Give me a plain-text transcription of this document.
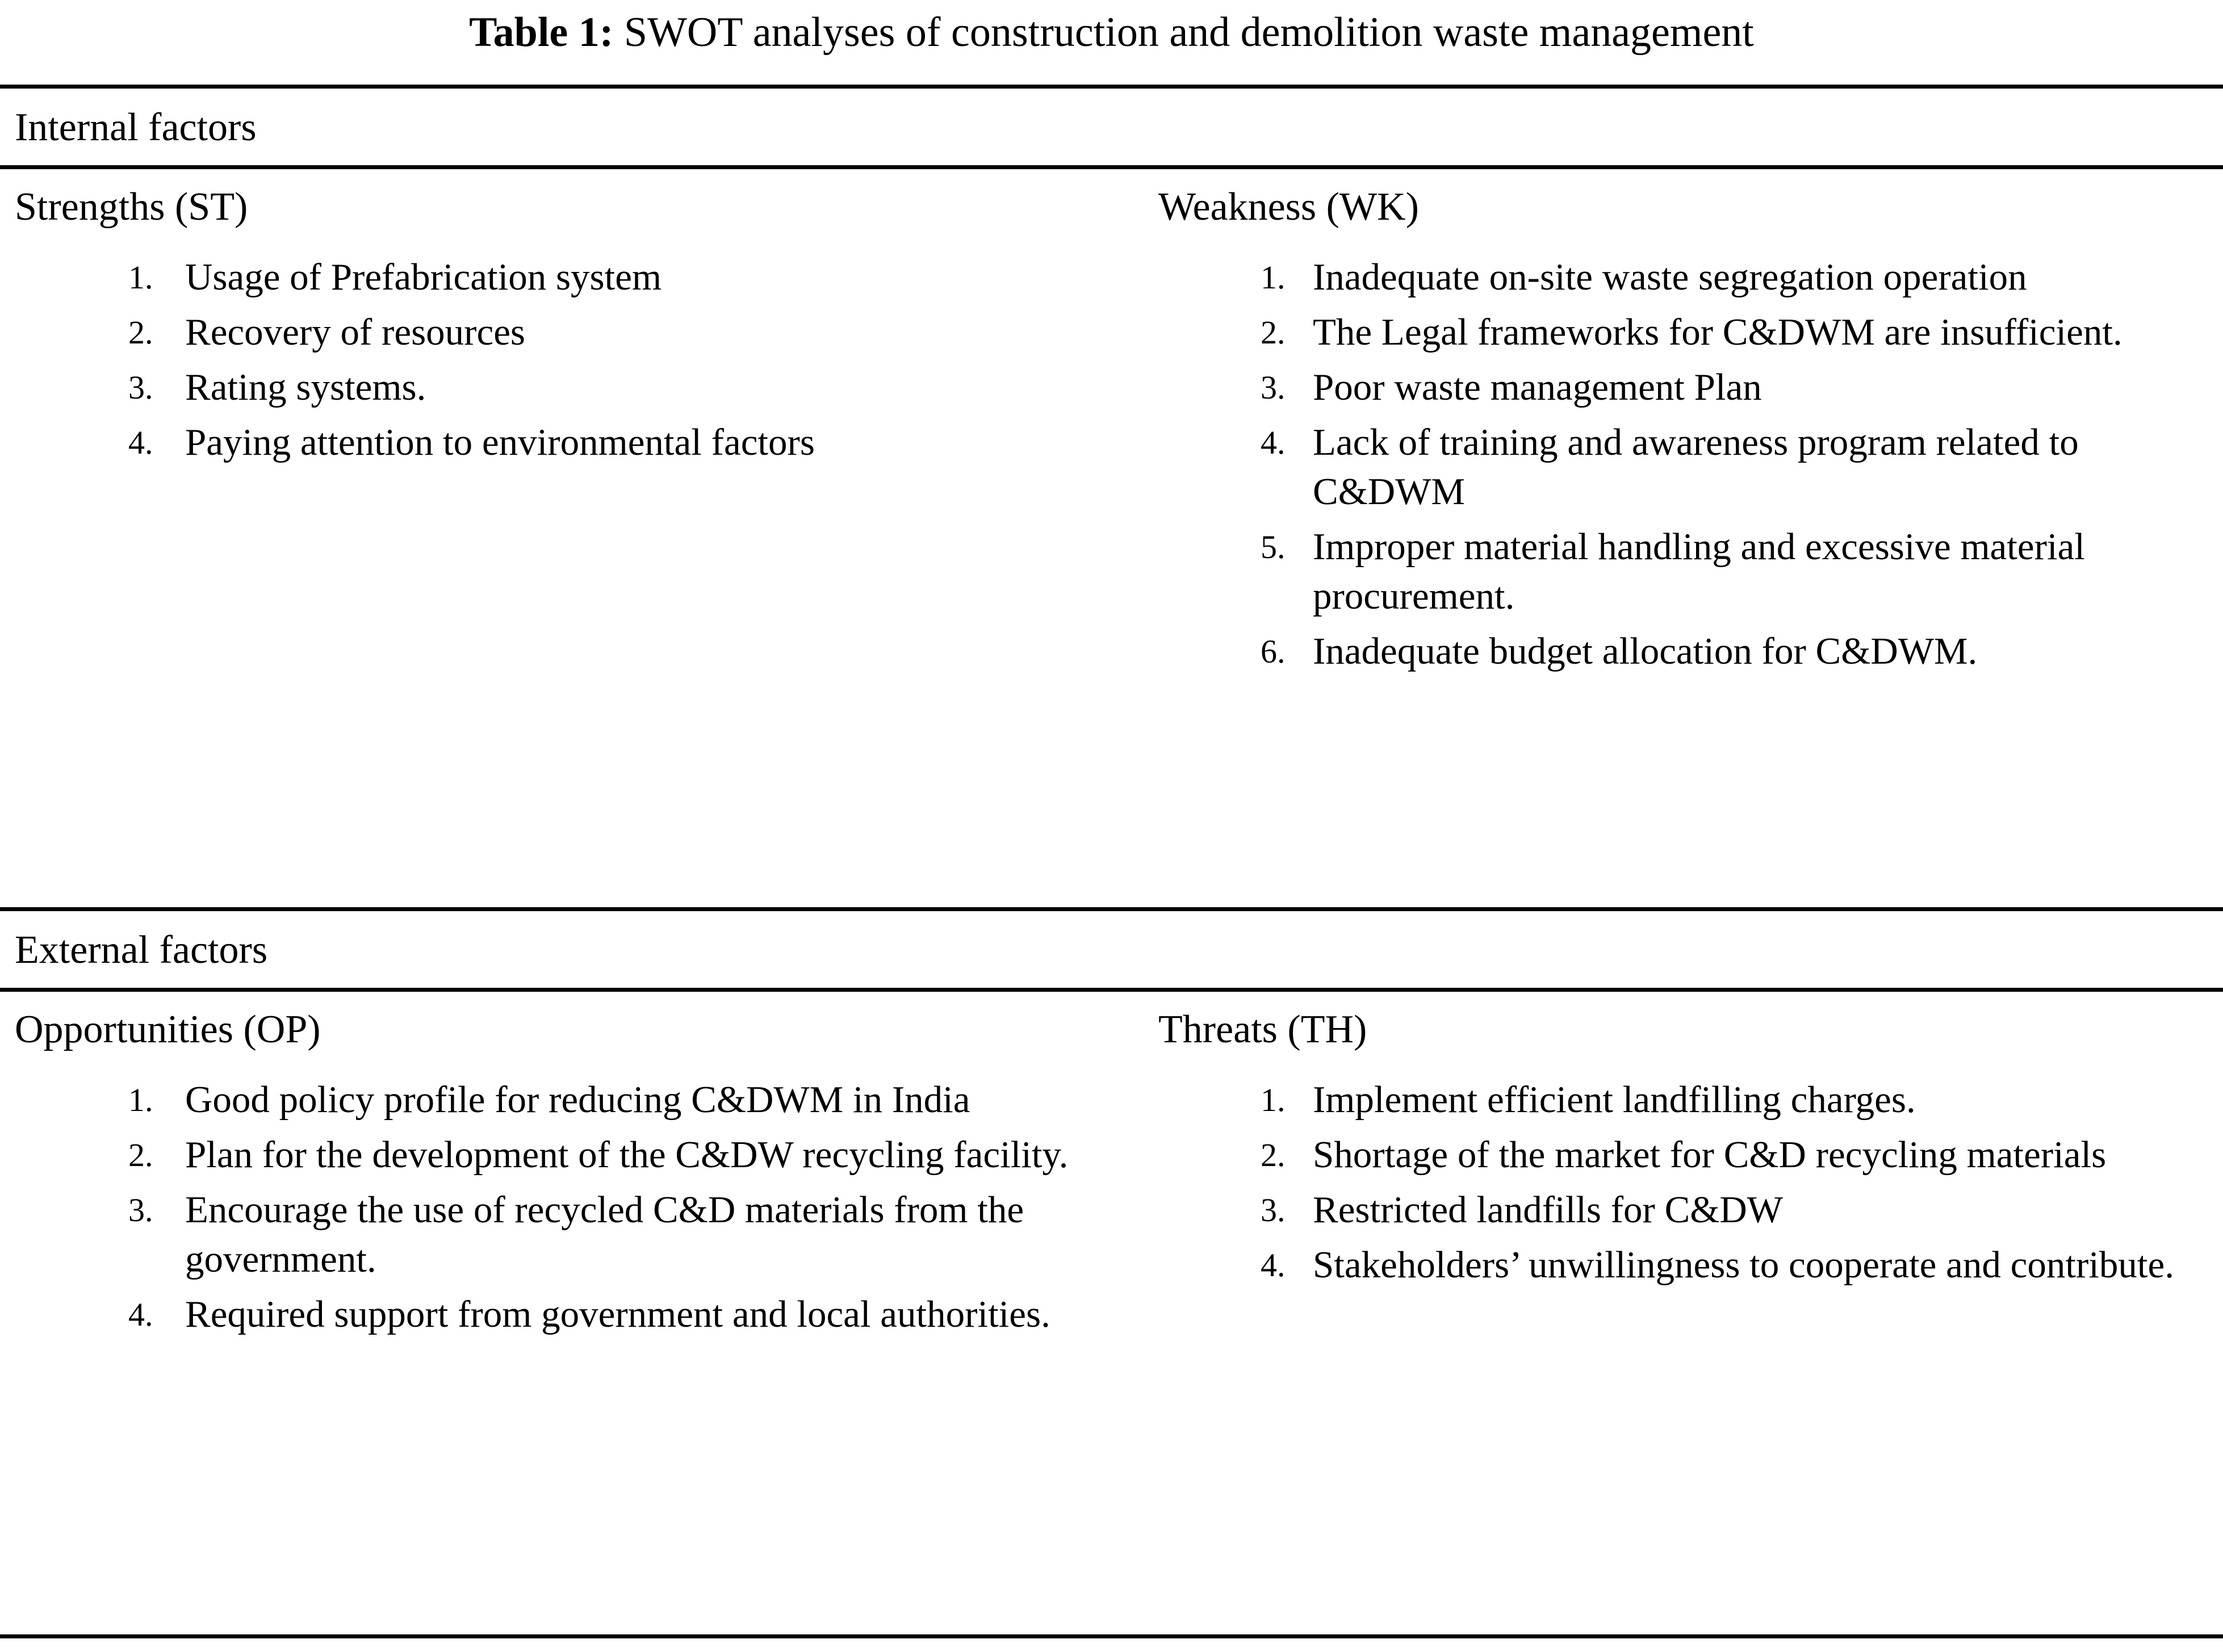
Table 1: SWOT analyses of construction and demolition waste management
Internal factors
Strengths (ST)
Usage of Prefabrication system
Recovery of resources
Rating systems.
Paying attention to environmental factors
Weakness (WK)
Inadequate on-site waste segregation operation
The Legal frameworks for C&DWM are insufficient.
Poor waste management Plan
Lack of training and awareness program related to C&DWM
Improper material handling and excessive material procurement.
Inadequate budget allocation for C&DWM.
External factors
Opportunities (OP)
Good policy profile for reducing C&DWM in India
Plan for the development of the C&DW recycling facility.
Encourage the use of recycled C&D materials from the government.
Required support from government and local authorities.
Threats (TH)
Implement efficient landfilling charges.
Shortage of the market for C&D recycling materials
Restricted landfills for C&DW
Stakeholders’ unwillingness to cooperate and contribute.
